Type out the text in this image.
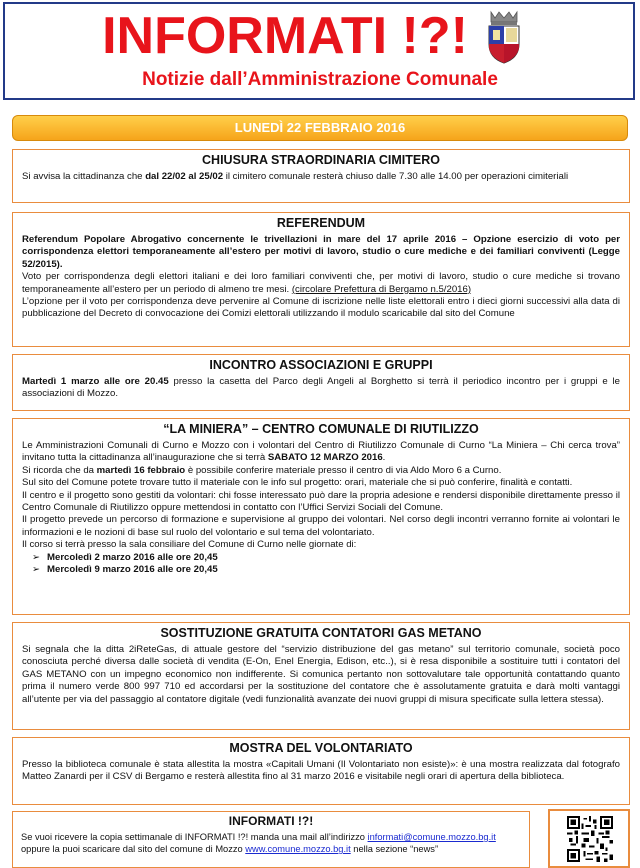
INFORMATI !?!
Notizie dall’Amministrazione Comunale
LUNEDÌ 22 FEBBRAIO 2016
CHIUSURA STRAORDINARIA CIMITERO

Si avvisa la cittadinanza che dal 22/02 al 25/02 il cimitero comunale resterà chiuso dalle 7.30 alle 14.00 per operazioni cimiteriali

REFERENDUM

Referendum Popolare Abrogativo concernente le trivellazioni in mare del 17 aprile 2016 – Opzione esercizio di voto per corrispondenza elettori temporaneamente all’estero per motivi di lavoro, studio o cure mediche e dei familiari conviventi (Legge 52/2015).

Voto per corrispondenza degli elettori italiani e dei loro familiari conviventi che, per motivi di lavoro, studio o cure mediche si trovano temporaneamente all’estero per un periodo di almeno tre mesi. (circolare Prefettura di Bergamo n.5/2016)

L’opzione per il voto per corrispondenza deve pervenire al Comune di iscrizione nelle liste elettorali entro i dieci giorni successivi alla data di pubblicazione del Decreto di convocazione dei Comizi elettorali utilizzando il modulo scaricabile dal sito del Comune

INCONTRO ASSOCIAZIONI E GRUPPI

Martedì 1 marzo alle ore 20.45 presso la casetta del Parco degli Angeli al Borghetto si terrà il periodico incontro per i gruppi e le associazioni di Mozzo.

“LA MINIERA” – CENTRO COMUNALE DI RIUTILIZZO

Le Amministrazioni Comunali di Curno e Mozzo con i volontari del Centro di Riutilizzo Comunale di Curno “La Miniera – Chi cerca trova” invitano tutta la cittadinanza all’inaugurazione che si terrà SABATO 12 MARZO 2016.

Si ricorda che da martedì 16 febbraio è possibile conferire materiale presso il centro di via Aldo Moro 6 a Curno.

Sul sito del Comune potete trovare tutto il materiale con le info sul progetto: orari, materiale che si può conferire, finalità e contatti.

Il centro e il progetto sono gestiti da volontari: chi fosse interessato può dare la propria adesione e rendersi disponibile direttamente presso il Centro Comunale di Riutilizzo oppure mettendosi in contatto con l’Uffici Servizi Sociali del Comune.

Il progetto prevede un percorso di formazione e supervisione al gruppo dei volontari. Nel corso degli incontri verranno fornite ai volontari le informazioni e le nozioni di base sul ruolo del volontario e sul tema del volontariato.

Il corso si terrà presso la sala consiliare del Comune di Curno nelle giornate di:

➢ Mercoledì 2 marzo 2016 alle ore 20,45
➢ Mercoledì 9 marzo 2016 alle ore 20,45
SOSTITUZIONE GRATUITA CONTATORI GAS METANO

Si segnala che la ditta 2iReteGas, di attuale gestore del “servizio distribuzione del gas metano” sul territorio comunale, società poco conosciuta perché diversa dalle società di vendita (E-On, Enel Energia, Edison, etc..), si è resa disponibile a sostituire tutti i contatori del GAS METANO con un impegno economico non indifferente. Si comunica pertanto non sottovalutare tale opportunità contattando quanto prima il numero verde 800 997 710 ed accordarsi per la sostituzione del contatore che è assolutamente gratuita e darà molti vantaggi all’utente per via del passaggio al contatore digitale (vedi funzionalità avanzate dei nuovi gruppi di misura specificate sulla lettera stessa).

MOSTRA DEL VOLONTARIATO

Presso la biblioteca comunale è stata allestita la mostra «Capitali Umani (Il Volontariato non esiste)»: è una mostra realizzata dal fotografo Matteo Zanardi per il CSV di Bergamo e resterà allestita fino al 31 marzo 2016 e visitabile negli orari di apertura della biblioteca.

INFORMATI !?!
Se vuoi ricevere la copia settimanale di INFORMATI !?! manda una mail all’indirizzo informati@comune.mozzo.bg.it
oppure la puoi scaricare dal sito del comune di Mozzo www.comune.mozzo.bg.it nella sezione “news”
